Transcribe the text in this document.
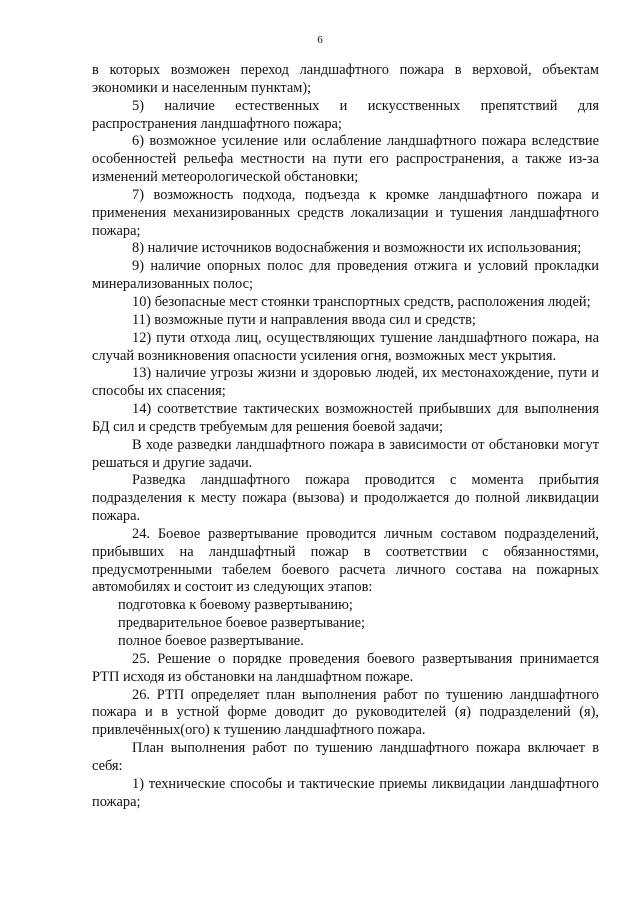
6

в которых возможен переход ландшафтного пожара в верховой, объектам экономики и населенным пунктам);

5) наличие естественных и искусственных препятствий для распространения ландшафтного пожара;

6) возможное усиление или ослабление ландшафтного пожара вследствие особенностей рельефа местности на пути его распространения, а также из-за изменений метеорологической обстановки;

7) возможность подхода, подъезда к кромке ландшафтного пожара и применения механизированных средств локализации и тушения ландшафтного пожара;

8) наличие источников водоснабжения и возможности их использования;

9) наличие опорных полос для проведения отжига и условий прокладки минерализованных полос;

10) безопасные мест стоянки транспортных средств, расположения людей;

11) возможные пути и направления ввода сил и средств;

12) пути отхода лиц, осуществляющих тушение ландшафтного пожара, на случай возникновения опасности усиления огня, возможных мест укрытия.

13) наличие угрозы жизни и здоровью людей, их местонахождение, пути и способы их спасения;

14) соответствие тактических возможностей прибывших для выполнения БД сил и средств требуемым для решения боевой задачи;

В ходе разведки ландшафтного пожара в зависимости от обстановки могут решаться и другие задачи.

Разведка ландшафтного пожара проводится с момента прибытия подразделения к месту пожара (вызова) и продолжается до полной ликвидации пожара.

24. Боевое развертывание проводится личным составом подразделений, прибывших на ландшафтный пожар в соответствии с обязанностями, предусмотренными табелем боевого расчета личного состава на пожарных автомобилях и состоит из следующих этапов:

подготовка к боевому развертыванию;

предварительное боевое развертывание;

полное боевое развертывание.

25. Решение о порядке проведения боевого развертывания принимается РТП исходя из обстановки на ландшафтном пожаре.

26. РТП определяет план выполнения работ по тушению ландшафтного пожара и в устной форме доводит до руководителей (я) подразделений (я), привлечённых(ого) к тушению ландшафтного пожара.

План выполнения работ по тушению ландшафтного пожара включает в себя:

1) технические способы и тактические приемы ликвидации ландшафтного пожара;
